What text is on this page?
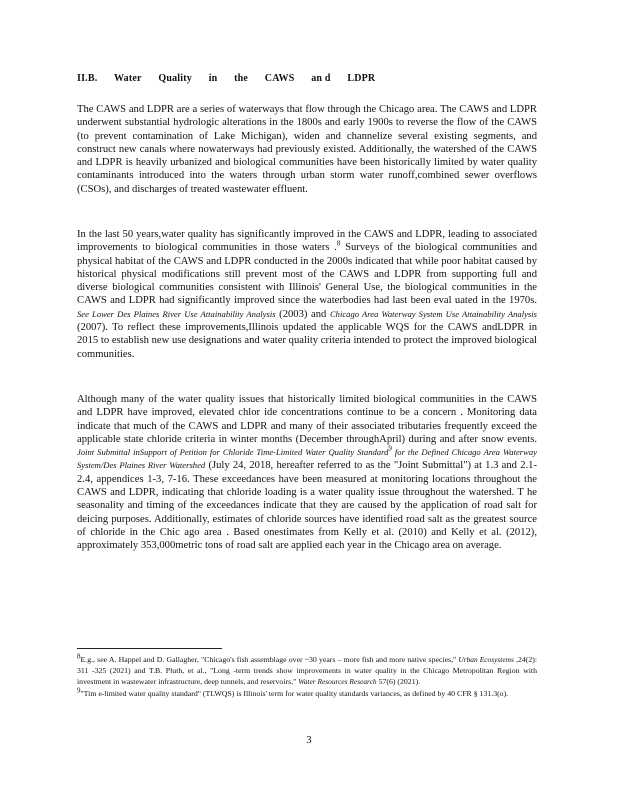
II.B. Water Quality in the CAWS an d LDPR

The CAWS and LDPR are a series of waterways that flow through the Chicago area. The CAWS and LDPR underwent substantial hydrologic alterations in the 1800s and early 1900s to reverse the flow of the CAWS (to prevent contamination of Lake Michigan), widen and channelize several existing segments, and construct new canals where nowaterways had previously existed. Additionally, the watershed of the CAWS and LDPR is heavily urbanized and biological communities have been historically limited by water quality contaminants introduced into the waters through urban storm water runoff,combined sewer overflows (CSOs), and discharges of treated wastewater effluent.

In the last 50 years,water quality has significantly improved in the CAWS and LDPR, leading to associated improvements to biological communities in those waters .$^8$ Surveys of the biological communities and physical habitat of the CAWS and LDPR conducted in the 2000s indicated that while poor habitat caused by historical physical modifications still prevent most of the CAWS and LDPR from supporting full and diverse biological communities consistent with Illinois' General Use, the biological communities in the CAWS and LDPR had significantly improved since the waterbodies had last been eval uated in the 1970s. See Lower Des Plaines River Use Attainability Analysis (2003) and Chicago Area Waterway System Use Attainability Analysis (2007). To reflect these improvements,Illinois updated the applicable WQS for the CAWS andLDPR in 2015 to establish new use designations and water quality criteria intended to protect the improved biological communities.

Although many of the water quality issues that historically limited biological communities in the CAWS and LDPR have improved, elevated chlor ide concentrations continue to be a concern . Monitoring data indicate that much of the CAWS and LDPR and many of their associated tributaries frequently exceed the applicable state chloride criteria in winter months (December throughApril) during and after snow events. Joint Submittal inSupport of Petition for Chloride Time-Limited Water Quality Standard$^9$ for the Defined Chicago Area Waterway System/Des Plaines River Watershed (July 24, 2018, hereafter referred to as the "Joint Submittal") at 1.3 and 2.1-2.4, appendices 1-3, 7-16. These exceedances have been measured at monitoring locations throughout the CAWS and LDPR, indicating that chloride loading is a water quality issue throughout the watershed. T he seasonality and timing of the exceedances indicate that they are caused by the application of road salt for deicing purposes. Additionally, estimates of chloride sources have identified road salt as the greatest source of chloride in the Chic ago area . Based onestimates from Kelly et al. (2010) and Kelly et al. (2012), approximately 353,000metric tons of road salt are applied each year in the Chicago area on average.

8E.g., see A. Happel and D. Gallagher, "Chicago's fish assemblage over ~30 years – more fish and more native species," Urban Ecosystems ,24(2): 311 -325 (2021) and T.B. Pluth, et al., "Long -term trends show improvements in water quality in the Chicago Metropolitan Region with investment in wastewater infrastructure, deep tunnels, and reservoirs," Water Resources Research 57(6) (2021).

9"Tim e-limited water quality standard" (TLWQS) is Illinois' term for water quality standards variances, as defined by 40 CFR § 131.3(o).

3
